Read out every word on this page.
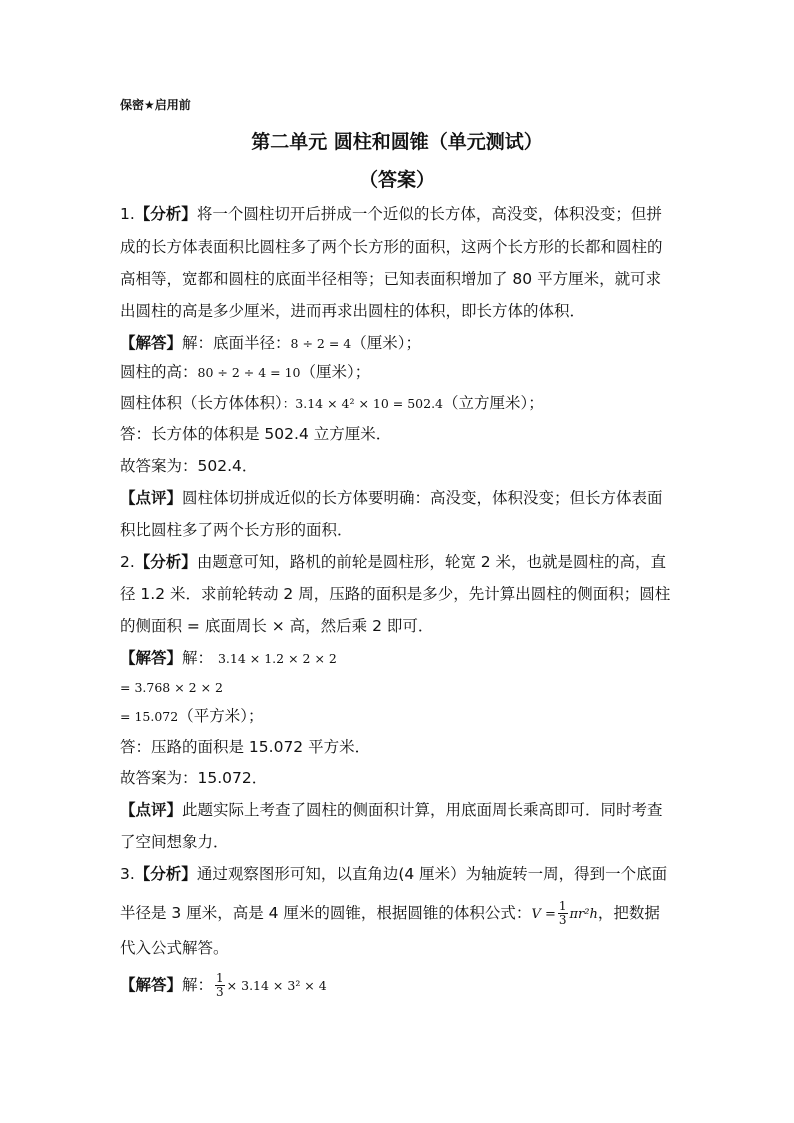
保密★启用前
第二单元 圆柱和圆锥（单元测试）
（答案）
1.【分析】将一个圆柱切开后拼成一个近似的长方体，高没变，体积没变；但拼
成的长方体表面积比圆柱多了两个长方形的面积，这两个长方形的长都和圆柱的
高相等，宽都和圆柱的底面半径相等；已知表面积增加了 80 平方厘米，就可求
出圆柱的高是多少厘米，进而再求出圆柱的体积，即长方体的体积．
【解答】解：底面半径：8 ÷ 2 = 4（厘米）；
圆柱的高：80 ÷ 2 ÷ 4 = 10（厘米）；
圆柱体积（长方体体积）：3.14 × 4² × 10 = 502.4（立方厘米）；
答：长方体的体积是 502.4 立方厘米．
故答案为：502.4．
【点评】圆柱体切拼成近似的长方体要明确：高没变，体积没变；但长方体表面
积比圆柱多了两个长方形的面积．
2.【分析】由题意可知，路机的前轮是圆柱形，轮宽 2 米，也就是圆柱的高，直
径 1.2 米．求前轮转动 2 周，压路的面积是多少，先计算出圆柱的侧面积；圆柱
的侧面积 = 底面周长 × 高，然后乘 2 即可．
【解答】解： 3.14 × 1.2 × 2 × 2
= 3.768 × 2 × 2
= 15.072（平方米）；
答：压路的面积是 15.072 平方米．
故答案为：15.072．
【点评】此题实际上考查了圆柱的侧面积计算，用底面周长乘高即可．同时考查
了空间想象力．
3.【分析】通过观察图形可知，以直角边(4 厘米）为轴旋转一周，得到一个底面
半径是 3 厘米，高是 4 厘米的圆锥，根据圆锥的体积公式：$V = \frac{1}{3} \pi r^2h$，把数据
代入公式解答。
【解答】解： $\frac{1}{3} \times 3.14 \times 3^2 \times 4$
